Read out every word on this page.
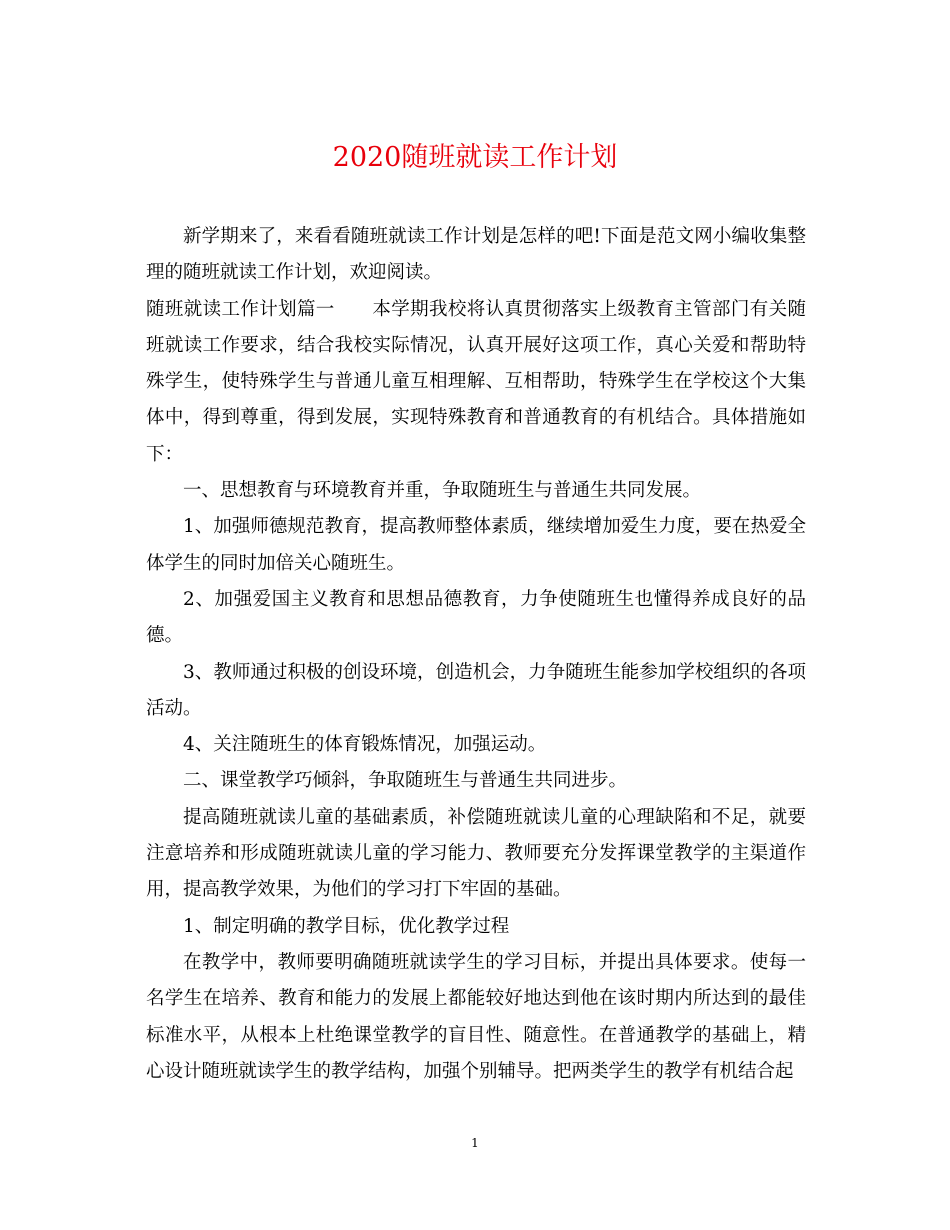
2020随班就读工作计划

新学期来了，来看看随班就读工作计划是怎样的吧!下面是范文网小编收集整理的随班就读工作计划，欢迎阅读。

随班就读工作计划篇一　　本学期我校将认真贯彻落实上级教育主管部门有关随班就读工作要求，结合我校实际情况，认真开展好这项工作，真心关爱和帮助特殊学生，使特殊学生与普通儿童互相理解、互相帮助，特殊学生在学校这个大集体中，得到尊重，得到发展，实现特殊教育和普通教育的有机结合。具体措施如下：

一、思想教育与环境教育并重，争取随班生与普通生共同发展。

1、加强师德规范教育，提高教师整体素质，继续增加爱生力度，要在热爱全体学生的同时加倍关心随班生。

2、加强爱国主义教育和思想品德教育，力争使随班生也懂得养成良好的品德。

3、教师通过积极的创设环境，创造机会，力争随班生能参加学校组织的各项活动。

4、关注随班生的体育锻炼情况，加强运动。

二、课堂教学巧倾斜，争取随班生与普通生共同进步。

提高随班就读儿童的基础素质，补偿随班就读儿童的心理缺陷和不足，就要注意培养和形成随班就读儿童的学习能力、教师要充分发挥课堂教学的主渠道作用，提高教学效果，为他们的学习打下牢固的基础。

1、制定明确的教学目标，优化教学过程

在教学中，教师要明确随班就读学生的学习目标，并提出具体要求。使每一名学生在培养、教育和能力的发展上都能较好地达到他在该时期内所达到的最佳标准水平，从根本上杜绝课堂教学的盲目性、随意性。在普通教学的基础上，精心设计随班就读学生的教学结构，加强个别辅导。把两类学生的教学有机结合起

1
